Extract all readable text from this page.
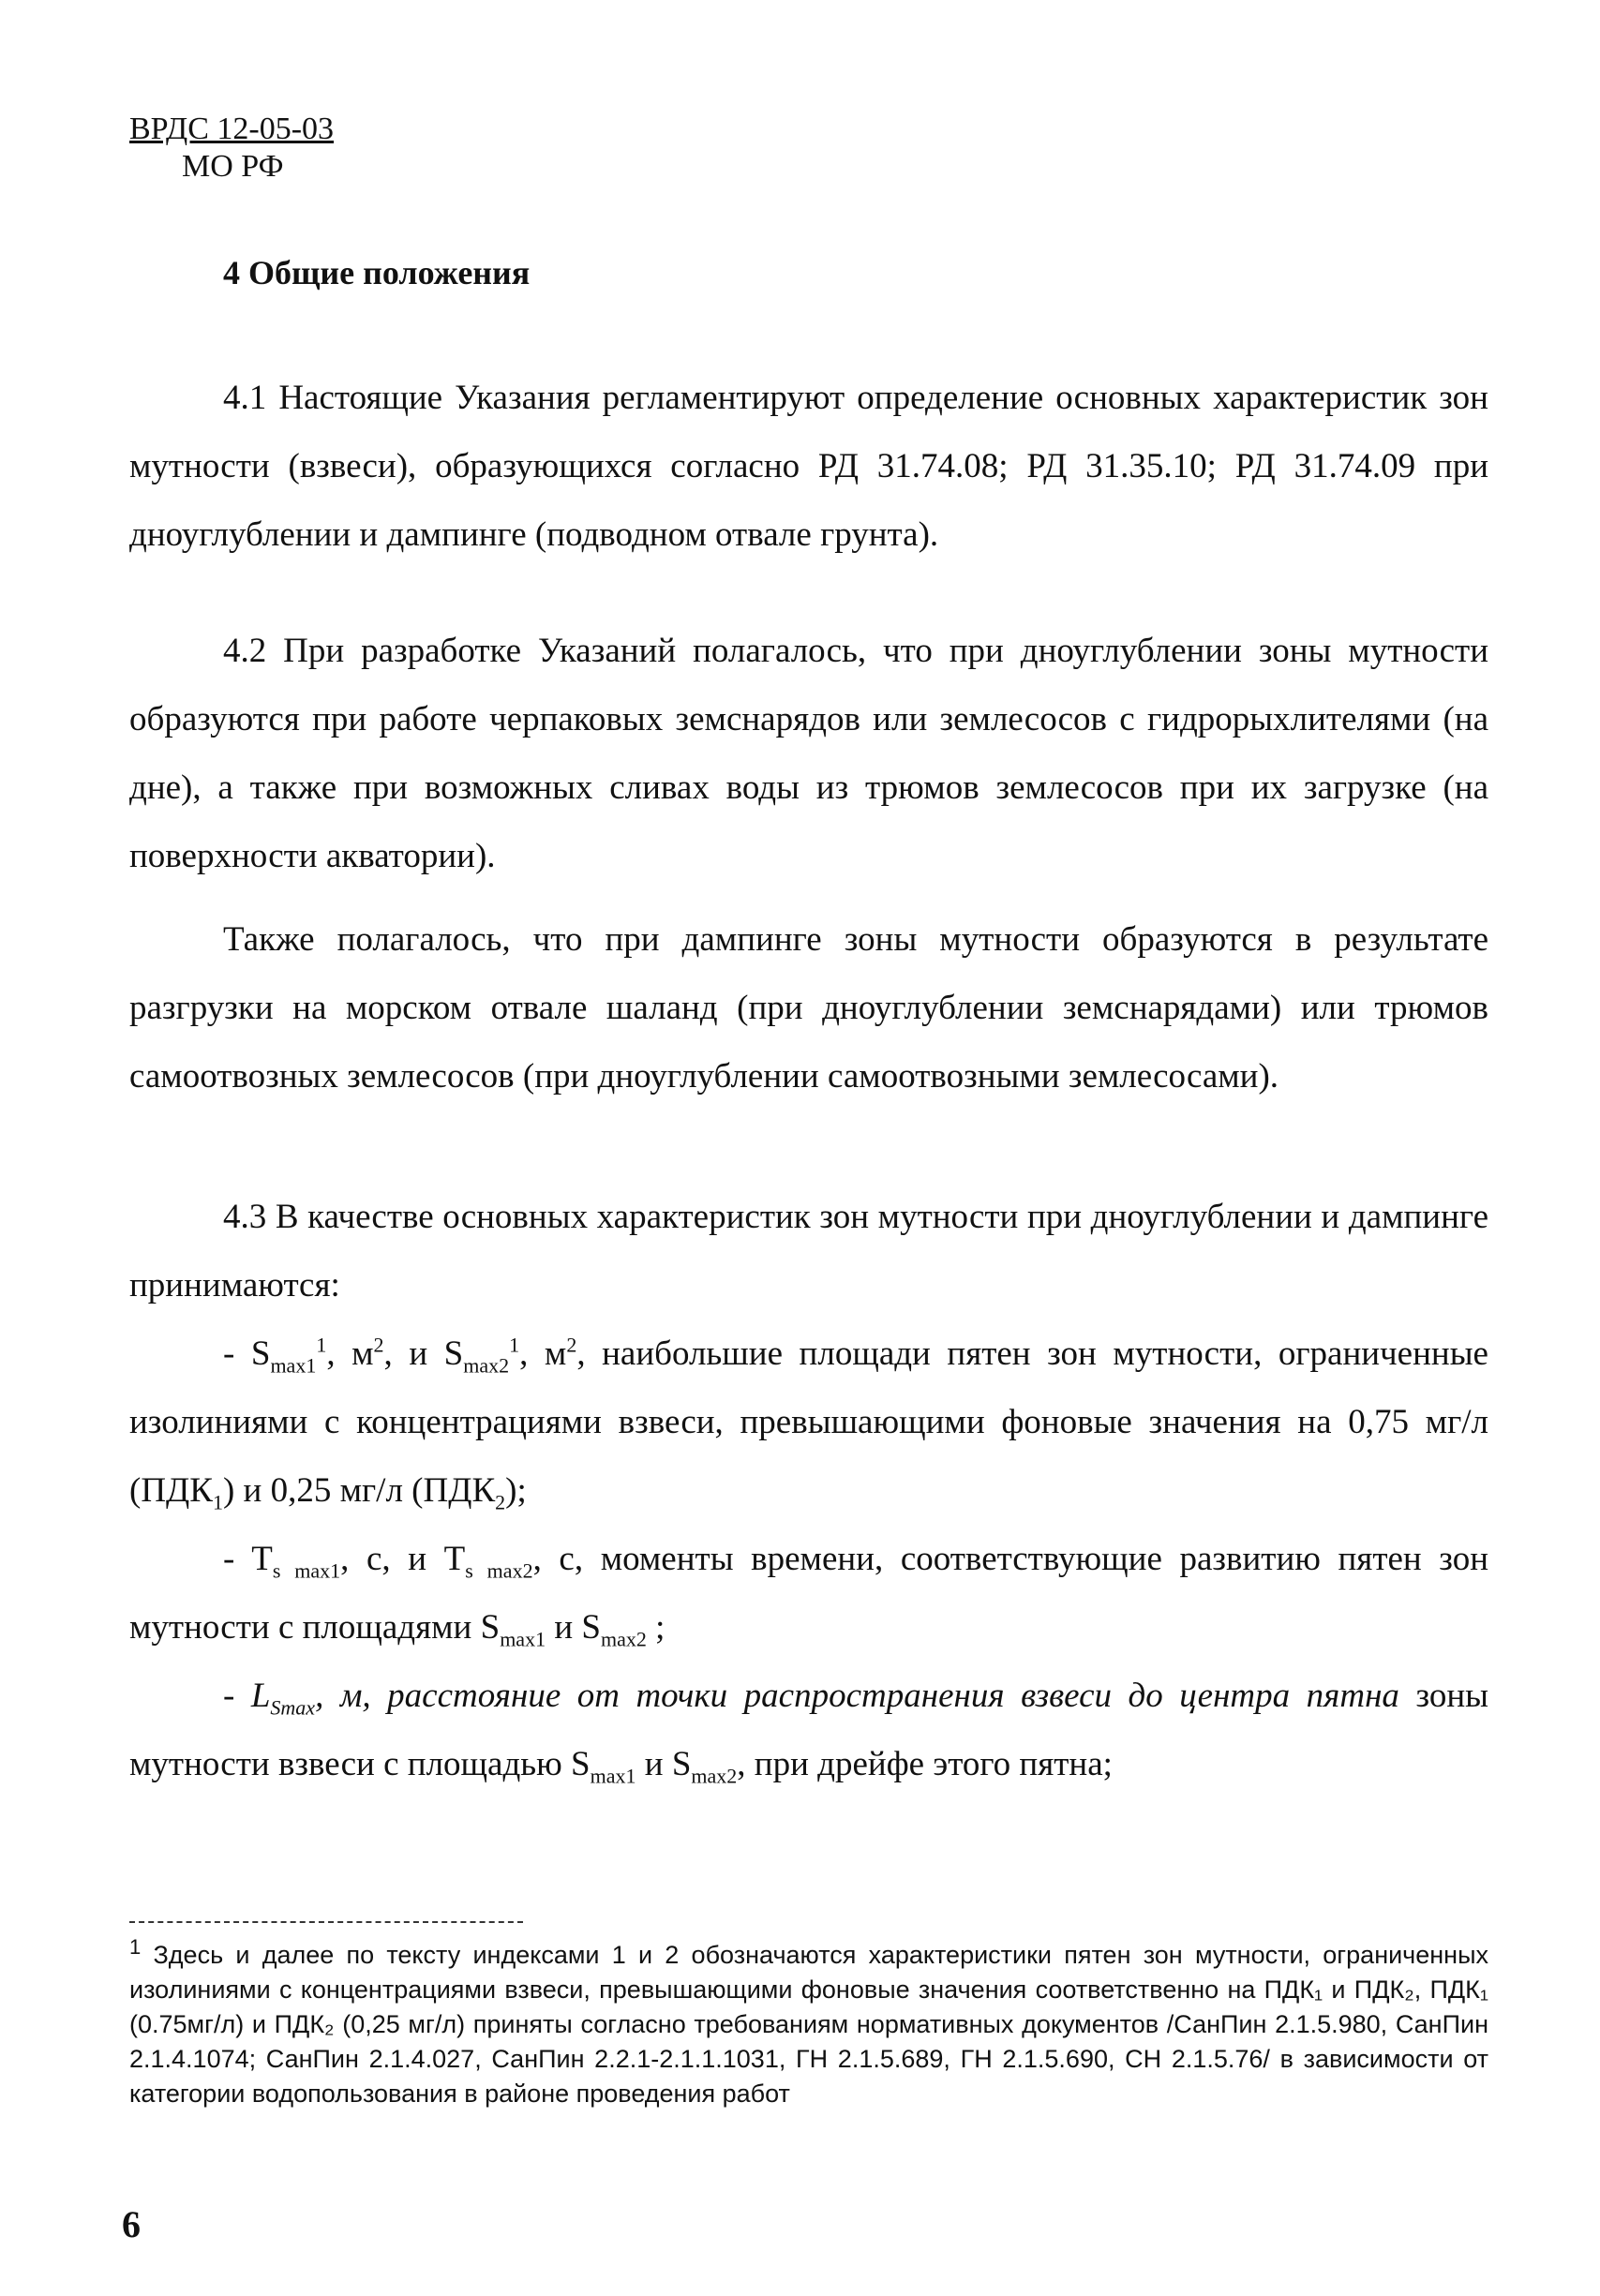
ВРДС 12-05-03
МО РФ
4 Общие положения

4.1 Настоящие Указания регламентируют определение основных характеристик зон мутности (взвеси), образующихся согласно РД 31.74.08; РД 31.35.10; РД 31.74.09 при дноуглублении и дампинге (подводном отвале грунта).

4.2 При разработке Указаний полагалось, что при дноуглублении зоны мутности образуются при работе черпаковых земснарядов или землесосов с гидрорыхлителями (на дне), а также при возможных сливах воды из трюмов землесосов при их загрузке (на поверхности акватории).

Также полагалось, что при дампинге зоны мутности образуются в результате разгрузки на морском отвале шаланд (при дноуглублении земснарядами) или трюмов самоотвозных землесосов (при дноуглублении самоотвозными землесосами).

4.3 В качестве основных характеристик зон мутности при дноуглублении и дампинге принимаются:

- $S_{max1}^1$, $м^2$, и $S_{max2}^1$, $м^2$, наибольшие площади пятен зон мутности, ограниченные изолиниями с концентрациями взвеси, превышающими фоновые значения на 0,75 мг/л $(ПДК_1)$ и 0,25 мг/л $(ПДК_2)$;

- $T_{s max1}$, с, и $T_{s max2}$, с, моменты времени, соответствующие развитию пятен зон мутности с площадями $S_{max1}$ и $S_{max2}$ ;

- $L_{Smax}$, м, расстояние от точки распространения взвеси до центра пятна зоны мутности взвеси с площадью $S_{max1}$ и $S_{max2}$, при дрейфе этого пятна;

$^1$ Здесь и далее по тексту индексами 1 и 2 обозначаются характеристики пятен зон мутности, ограниченных изолиниями с концентрациями взвеси, превышающими фоновые значения соответственно на ПДК₁ и ПДК₂, ПДК₁ (0.75мг/л) и ПДК₂ (0,25 мг/л) приняты согласно требованиям нормативных документов /СанПин 2.1.5.980, СанПин 2.1.4.1074; СанПин 2.1.4.027, СанПин 2.2.1-2.1.1.1031, ГН 2.1.5.689, ГН 2.1.5.690, СН 2.1.5.76/ в зависимости от категории водопользования в районе проведения работ

6
